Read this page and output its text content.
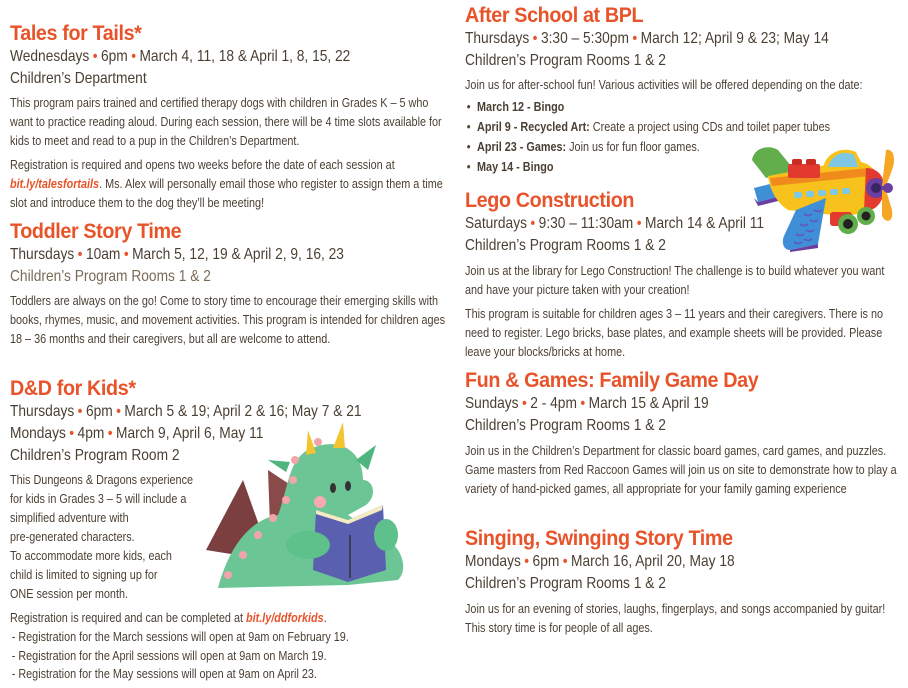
Tales for Tails*
Wednesdays • 6pm • March 4, 11, 18 & April 1, 8, 15, 22
Children’s Department

This program pairs trained and certified therapy dogs with children in Grades K – 5 who want to practice reading aloud. During each session, there will be 4 time slots available for kids to meet and read to a pup in the Children’s Department.

Registration is required and opens two weeks before the date of each session at bit.ly/talesfortails. Ms. Alex will personally email those who register to assign them a time slot and introduce them to the dog they’ll be meeting!

Toddler Story Time
Thursdays • 10am • March 5, 12, 19 & April 2, 9, 16, 23
Children’s Program Rooms 1 & 2

Toddlers are always on the go! Come to story time to encourage their emerging skills with books, rhymes, music, and movement activities. This program is intended for children ages 18 – 36 months and their caregivers, but all are welcome to attend.

D&D for Kids*
Thursdays • 6pm • March 5 & 19; April 2 & 16; May 7 & 21
Mondays • 4pm • March 9, April 6, May 11
Children’s Program Room 2
This Dungeons & Dragons experience
for kids in Grades 3 – 5 will include a
simplified adventure with
pre-generated characters.
To accommodate more kids, each
child is limited to signing up for
ONE session per month.
Registration is required and can be completed at bit.ly/ddforkids.
- Registration for the March sessions will open at 9am on February 19.
- Registration for the April sessions will open at 9am on March 19.
- Registration for the May sessions will open at 9am on April 23.
After School at BPL
Thursdays • 3:30 – 5:30pm • March 12; April 9 & 23; May 14
Children’s Program Rooms 1 & 2
Join us for after-school fun! Various activities will be offered depending on the date:
• March 12 - Bingo
• April 9 - Recycled Art: Create a project using CDs and toilet paper tubes
• April 23 - Games: Join us for fun floor games.
• May 14 - Bingo
Lego Construction
Saturdays • 9:30 – 11:30am • March 14 & April 11
Children’s Program Rooms 1 & 2

Join us at the library for Lego Construction! The challenge is to build whatever you want and have your picture taken with your creation!

This program is suitable for children ages 3 – 11 years and their caregivers. There is no need to register. Lego bricks, base plates, and example sheets will be provided. Please leave your blocks/bricks at home.

Fun & Games: Family Game Day
Sundays • 2 - 4pm • March 15 & April 19
Children’s Program Rooms 1 & 2

Join us in the Children’s Department for classic board games, card games, and puzzles. Game masters from Red Raccoon Games will join us on site to demonstrate how to play a variety of hand-picked games, all appropriate for your family gaming experience

Singing, Swinging Story Time
Mondays • 6pm • March 16, April 20, May 18
Children’s Program Rooms 1 & 2

Join us for an evening of stories, laughs, fingerplays, and songs accompanied by guitar! This story time is for people of all ages.
